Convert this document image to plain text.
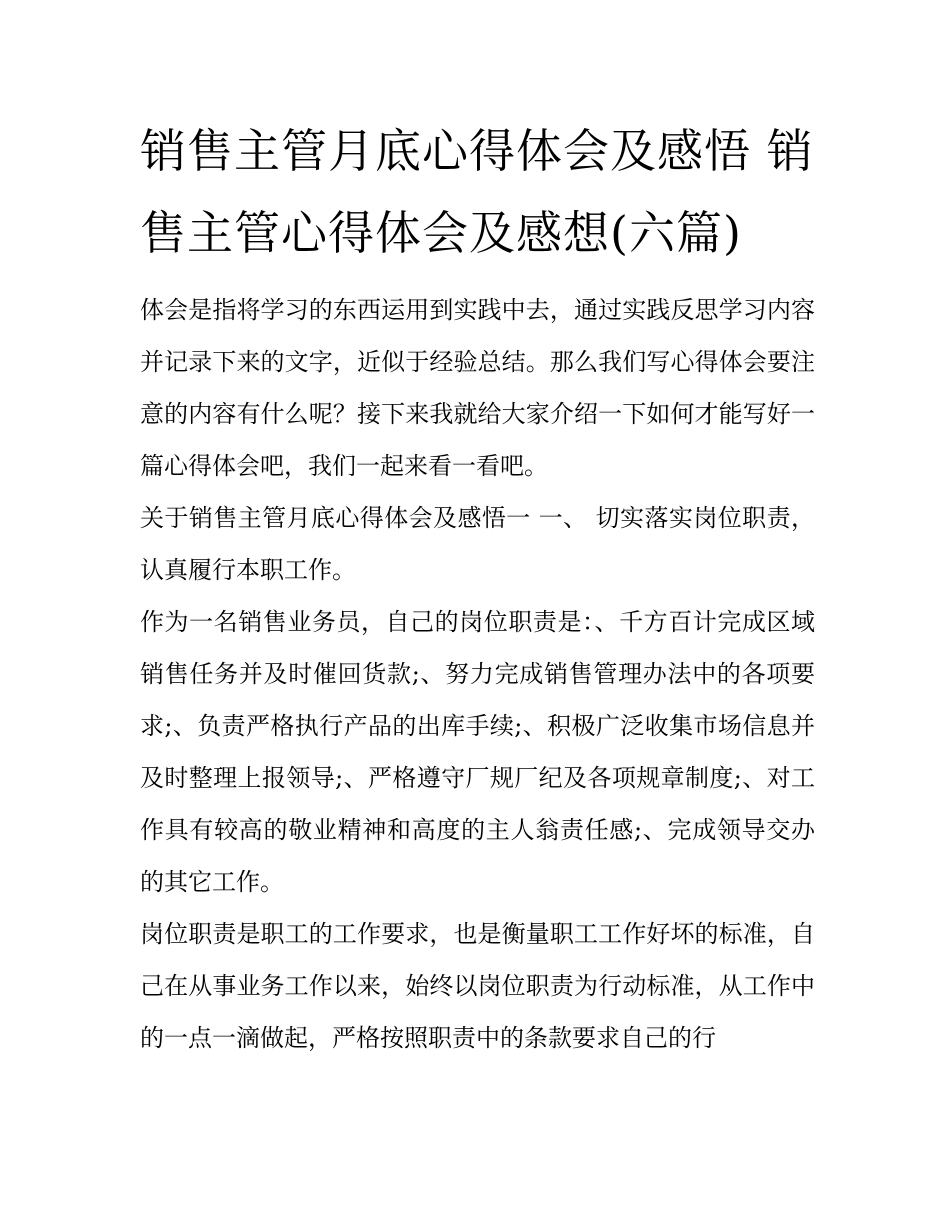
销售主管月底心得体会及感悟 销售主管心得体会及感想(六篇)

体会是指将学习的东西运用到实践中去，通过实践反思学习内容并记录下来的文字，近似于经验总结。那么我们写心得体会要注意的内容有什么呢？接下来我就给大家介绍一下如何才能写好一篇心得体会吧，我们一起来看一看吧。

关于销售主管月底心得体会及感悟一 一、 切实落实岗位职责，认真履行本职工作。

作为一名销售业务员，自己的岗位职责是：、千方百计完成区域销售任务并及时催回货款;、努力完成销售管理办法中的各项要求;、负责严格执行产品的出库手续;、积极广泛收集市场信息并及时整理上报领导;、严格遵守厂规厂纪及各项规章制度;、对工作具有较高的敬业精神和高度的主人翁责任感;、完成领导交办的其它工作。

岗位职责是职工的工作要求，也是衡量职工工作好坏的标准，自己在从事业务工作以来，始终以岗位职责为行动标准，从工作中的一点一滴做起，严格按照职责中的条款要求自己的行
